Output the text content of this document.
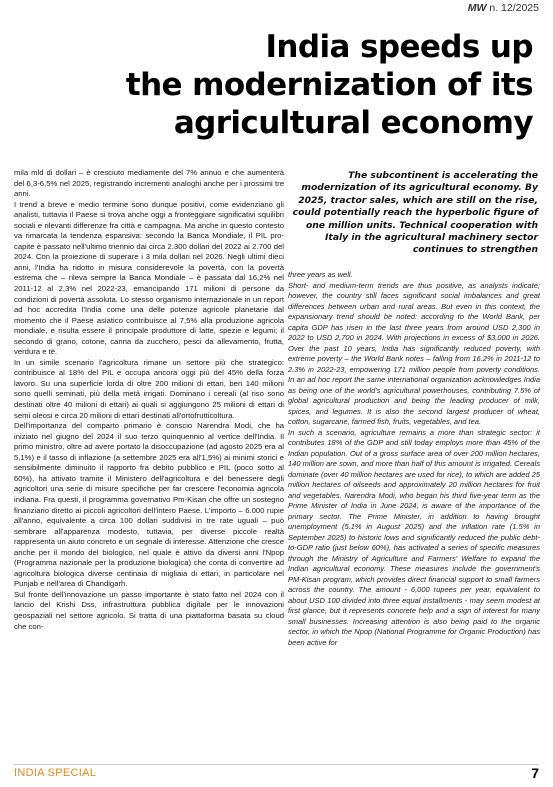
MW n. 12/2025
India speeds up
the modernization of its
agricultural economy

The subcontinent is accelerating the modernization of its agricultural economy. By 2025, tractor sales, which are still on the rise, could potentially reach the hyperbolic figure of one million units. Technical cooperation with Italy in the agricultural machinery sector continues to strengthen

mila mld di dollari – è cresciuto mediamente del 7% annuo e che aumenterà del 6,3-6,5% nel 2025, registrando incrementi analoghi anche per i prossimi tre anni.

I trend a breve e medio termine sono dunque positivi, come evidenziano gli analisti, tuttavia il Paese si trova anche oggi a fronteggiare significativi squilibri sociali e rilevanti differenze fra città e campagna. Ma anche in questo contesto va rimarcata la tendenza espansiva: secondo la Banca Mondiale, il PIL pro-capite è passato nell'ultimo triennio dai circa 2.300 dollari del 2022 ai 2.700 del 2024. Con la proiezione di superare i 3 mila dollari nel 2026. Negli ultimi dieci anni, l'India ha ridotto in misura considerevole la povertà, con la povertà estrema che – rileva sempre la Banca Mondiale – è passata dal 16,2% nel 2011-12 al 2,3% nel 2022-23, emancipando 171 milioni di persone da condizioni di povertà assoluta. Lo stesso organismo internazionale in un report ad hoc accredita l'India come una delle potenze agricole planetarie dal momento che il Paese asiatico contribuisce al 7,5% alla produzione agricola mondiale, e risulta essere il principale produttore di latte, spezie e legumi; il secondo di grano, cotone, canna da zucchero, pesci da allevamento, frutta, verdura e tè.

In un simile scenario l'agricoltura rimane un settore più che strategico: contribuisce al 18% del PIL e occupa ancora oggi più del 45% della forza lavoro. Su una superficie lorda di oltre 200 milioni di ettari, ben 140 milioni sono quelli seminati, più della metà irrigati. Dominano i cereali (al riso sono destinati oltre 40 milioni di ettari) ai quali si aggiungono 25 milioni di ettari di semi oleosi e circa 20 milioni di ettari destinati all'ortofrutticoltura.

Dell'importanza del comparto primario è conscio Narendra Modi, che ha iniziato nel giugno del 2024 il suo terzo quinquennio al vertice dell'India. Il primo ministro, oltre ad avere portato la disoccupazione (ad agosto 2025 era al 5,1%) e il tasso di inflazione (a settembre 2025 era all'1,5%) ai minimi storici e sensibilmente diminuito il rapporto fra debito pubblico e PIL (poco sotto al 60%), ha attivato tramite il Ministero dell'agricoltura e del benessere degli agricoltori una serie di misure specifiche per far crescere l'economia agricola indiana. Fra questi, il programma governativo Pm-Kisan che offre un sostegno finanziario diretto ai piccoli agricoltori dell'intero Paese. L'importo – 6.000 rupie all'anno, equivalente a circa 100 dollari suddivisi in tre rate uguali – può sembrare all'apparenza modesto, tuttavia, per diverse piccole realtà rappresenta un aiuto concreto e un segnale di interesse. Attenzione che cresce anche per il mondo del biologico, nel quale è attivo da diversi anni l'Npop (Programma nazionale per la produzione biologica) che conta di convertire ad agricoltura biologica diverse centinaia di migliaia di ettari, in particolare nel Punjab e nell'area di Chandigarh.

Sul fronte dell'innovazione un passo importante è stato fatto nel 2024 con il lancio del Krishi Dss, infrastruttura pubblica digitale per le innovazioni geospaziali nel settore agricolo. Si tratta di una piattaforma basata su cloud che con-

three years as well.

Short- and medium-term trends are thus positive, as analysts indicate; however, the country still faces significant social imbalances and great differences between urban and rural areas. But even in this context, the expansionary trend should be noted: according to the World Bank, per capita GDP has risen in the last three years from around USD 2,300 in 2022 to USD 2,700 in 2024. With projections in excess of $3,000 in 2026. Over the past 10 years, India has significantly reduced poverty, with extreme poverty – the World Bank notes – falling from 16.2% in 2011-12 to 2.3% in 2022-23, empowering 171 million people from poverty conditions. In an ad hoc report the same international organization acknowledges India as being one of the world's agricultural powerhouses, contributing 7.5% of global agricultural production and being the leading producer of milk, spices, and legumes. It is also the second largest producer of wheat, cotton, sugarcane, farmed fish, fruits, vegetables, and tea.

In such a scenario, agriculture remains a more than strategic sector: it contributes 18% of the GDP and still today employs more than 45% of the Indian population. Out of a gross surface area of over 200 million hectares, 140 million are sown, and more than half of this amount is irrigated. Cereals dominate (over 40 million hectares are used for rice), to which are added 25 million hectares of oilseeds and approximately 20 million hectares for fruit and vegetables. Narendra Modi, who began his third five-year term as the Prime Minister of India in June 2024, is aware of the importance of the primary sector. The Prime Minister, in addition to having brought unemployment (5.1% in August 2025) and the inflation rate (1.5% in September 2025) to historic lows and significantly reduced the public debt-to-GDP ratio (just below 60%), has activated a series of specific measures through the Ministry of Agriculture and Farmers' Welfare to expand the Indian agricultural economy. These measures include the government's PM-Kisan program, which provides direct financial support to small farmers across the country. The amount - 6,000 rupees per year, equivalent to about USD 100 divided into three equal installments - may seem modest at first glance, but it represents concrete help and a sign of interest for many small businesses. Increasing attention is also being paid to the organic sector, in which the Npop (National Programme for Organic Production) has been active for

INDIA SPECIAL	7
